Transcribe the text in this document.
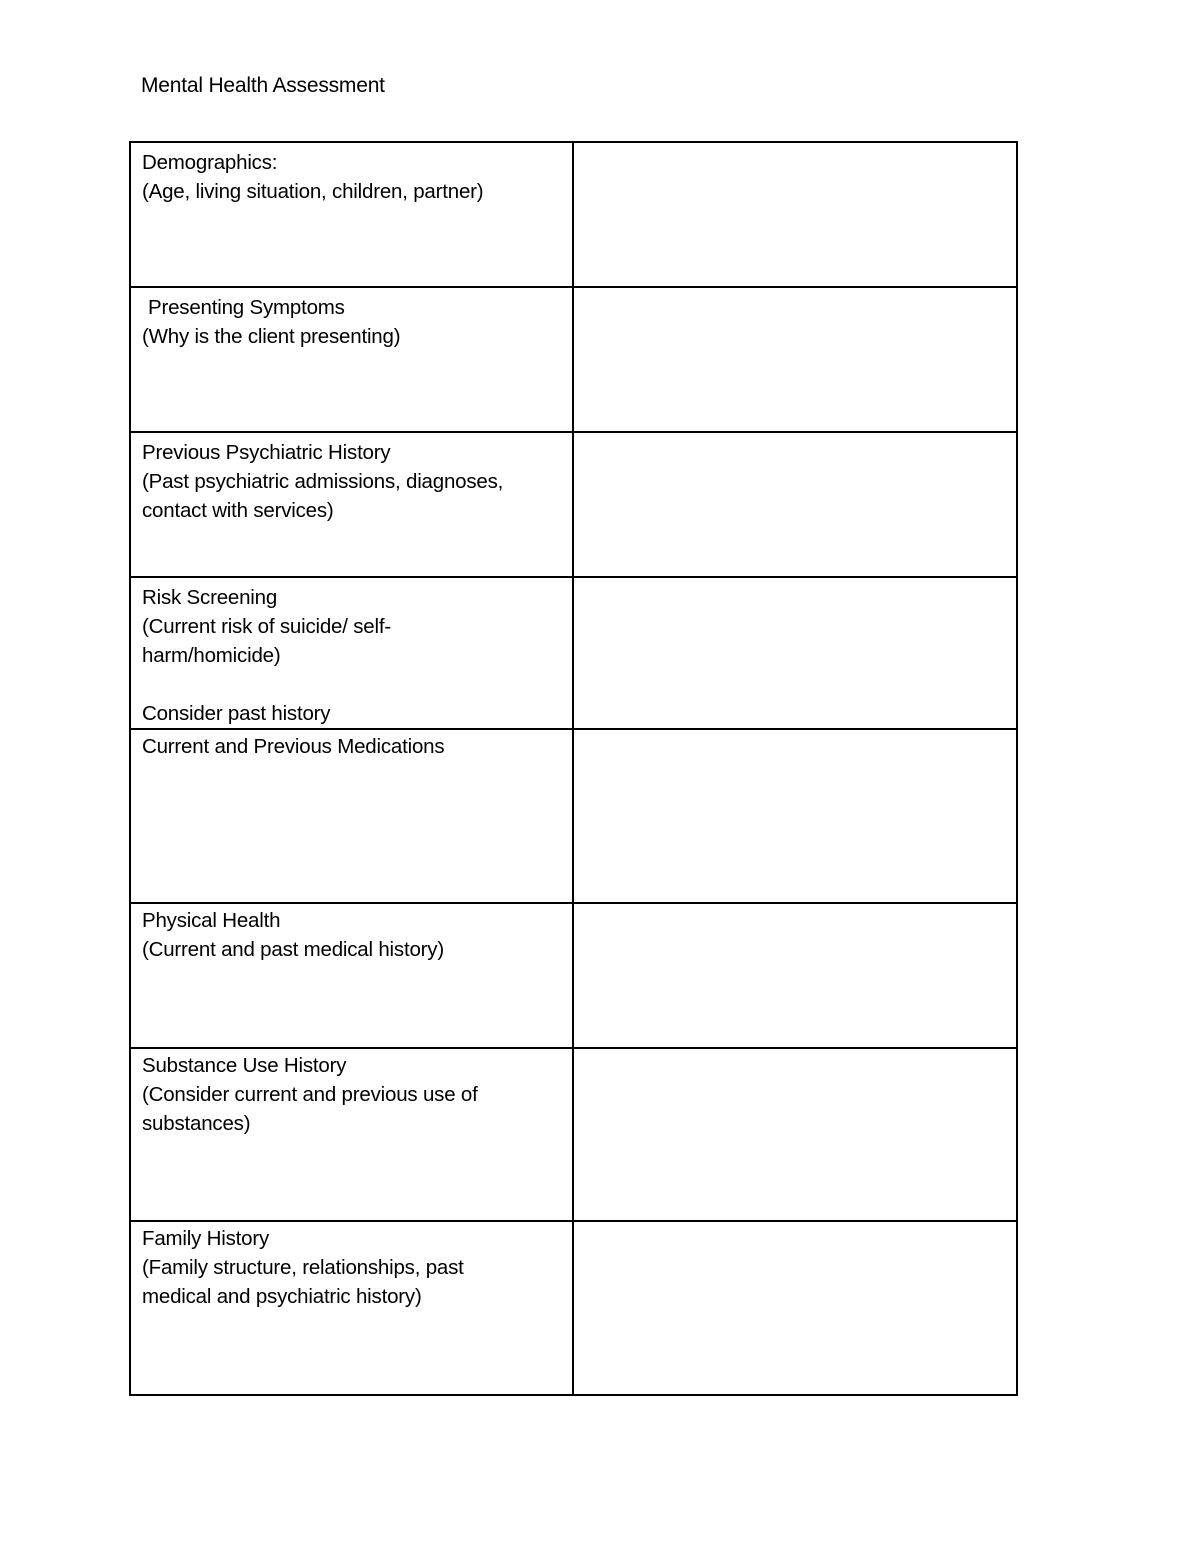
Mental Health Assessment
Demographics:
(Age, living situation, children, partner)	

Presenting Symptoms
(Why is the client presenting)	

Previous Psychiatric History
(Past psychiatric admissions, diagnoses,
contact with services)	

Risk Screening
(Current risk of suicide/ self-
harm/homicide)
Consider past history	

Current and Previous Medications	

Physical Health
(Current and past medical history)	

Substance Use History
(Consider current and previous use of
substances)	

Family History
(Family structure, relationships, past
medical and psychiatric history)	
